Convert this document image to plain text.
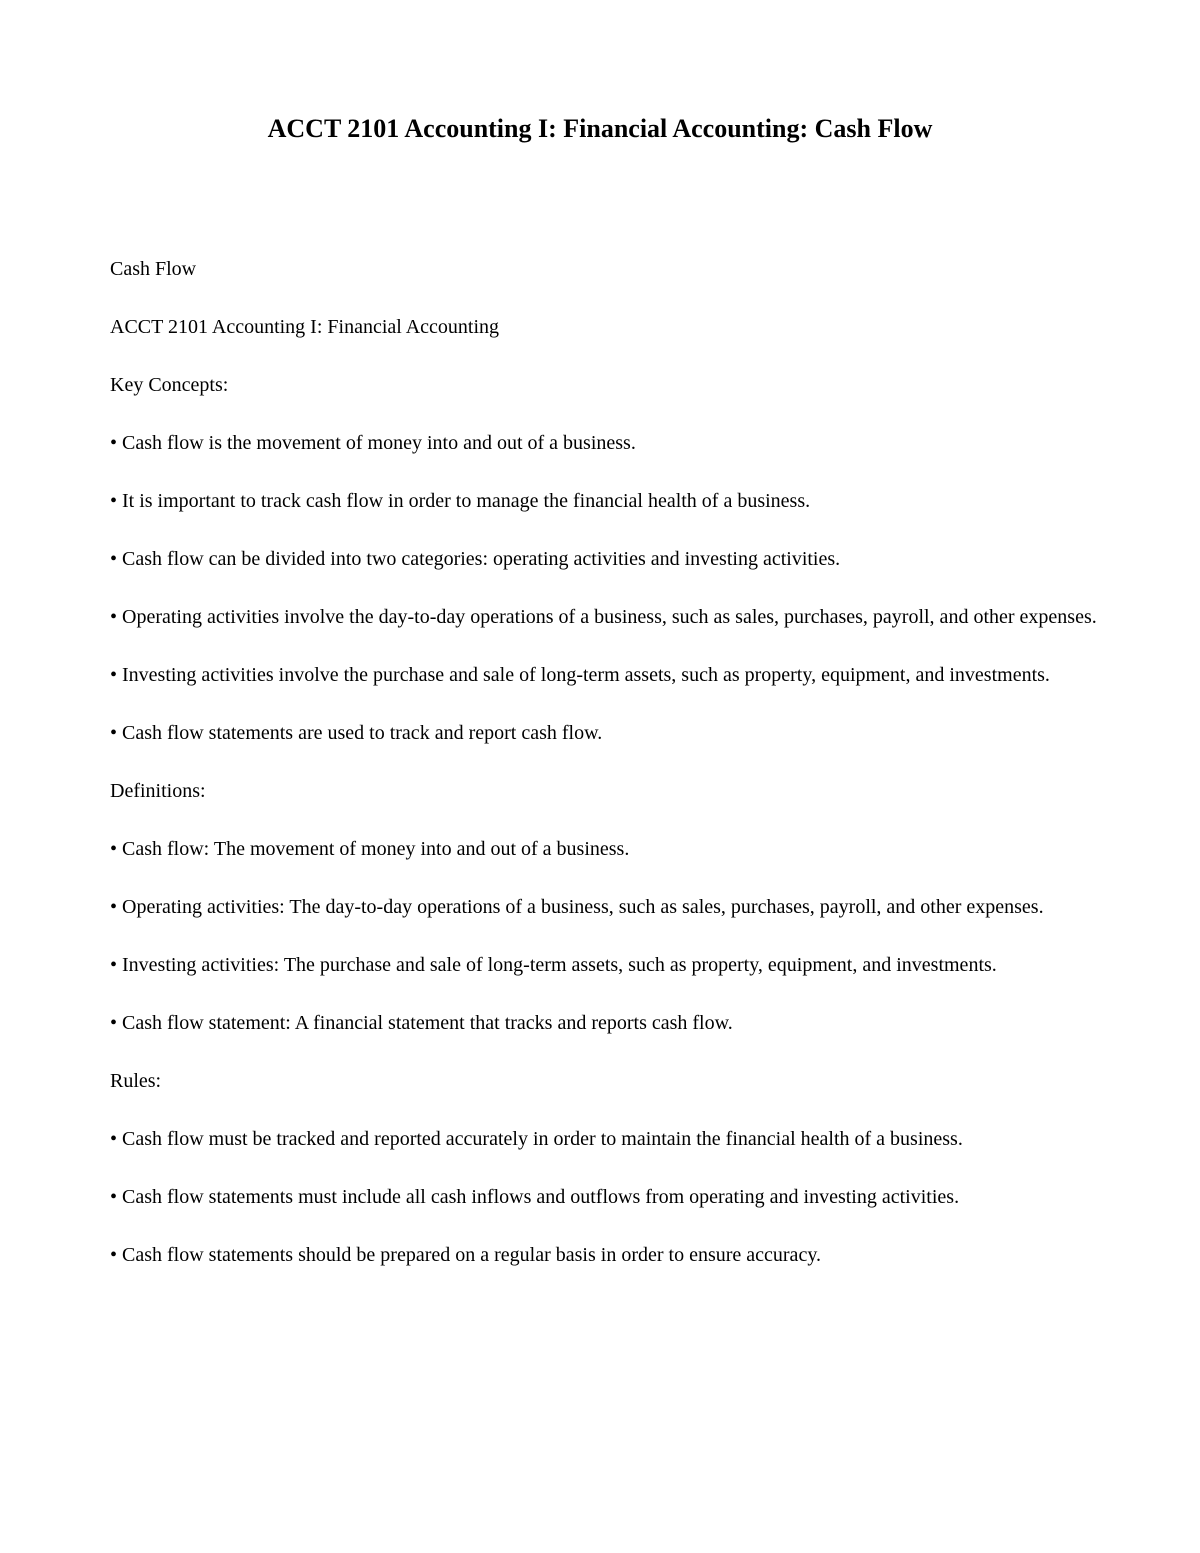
ACCT 2101 Accounting I: Financial Accounting: Cash Flow

Cash Flow

ACCT 2101 Accounting I: Financial Accounting

Key Concepts:

• Cash flow is the movement of money into and out of a business.

• It is important to track cash flow in order to manage the financial health of a business.

• Cash flow can be divided into two categories: operating activities and investing activities.

• Operating activities involve the day-to-day operations of a business, such as sales, purchases, payroll, and other expenses.

• Investing activities involve the purchase and sale of long-term assets, such as property, equipment, and investments.

• Cash flow statements are used to track and report cash flow.

Definitions:

• Cash flow: The movement of money into and out of a business.

• Operating activities: The day-to-day operations of a business, such as sales, purchases, payroll, and other expenses.

• Investing activities: The purchase and sale of long-term assets, such as property, equipment, and investments.

• Cash flow statement: A financial statement that tracks and reports cash flow.

Rules:

• Cash flow must be tracked and reported accurately in order to maintain the financial health of a business.

• Cash flow statements must include all cash inflows and outflows from operating and investing activities.

• Cash flow statements should be prepared on a regular basis in order to ensure accuracy.
